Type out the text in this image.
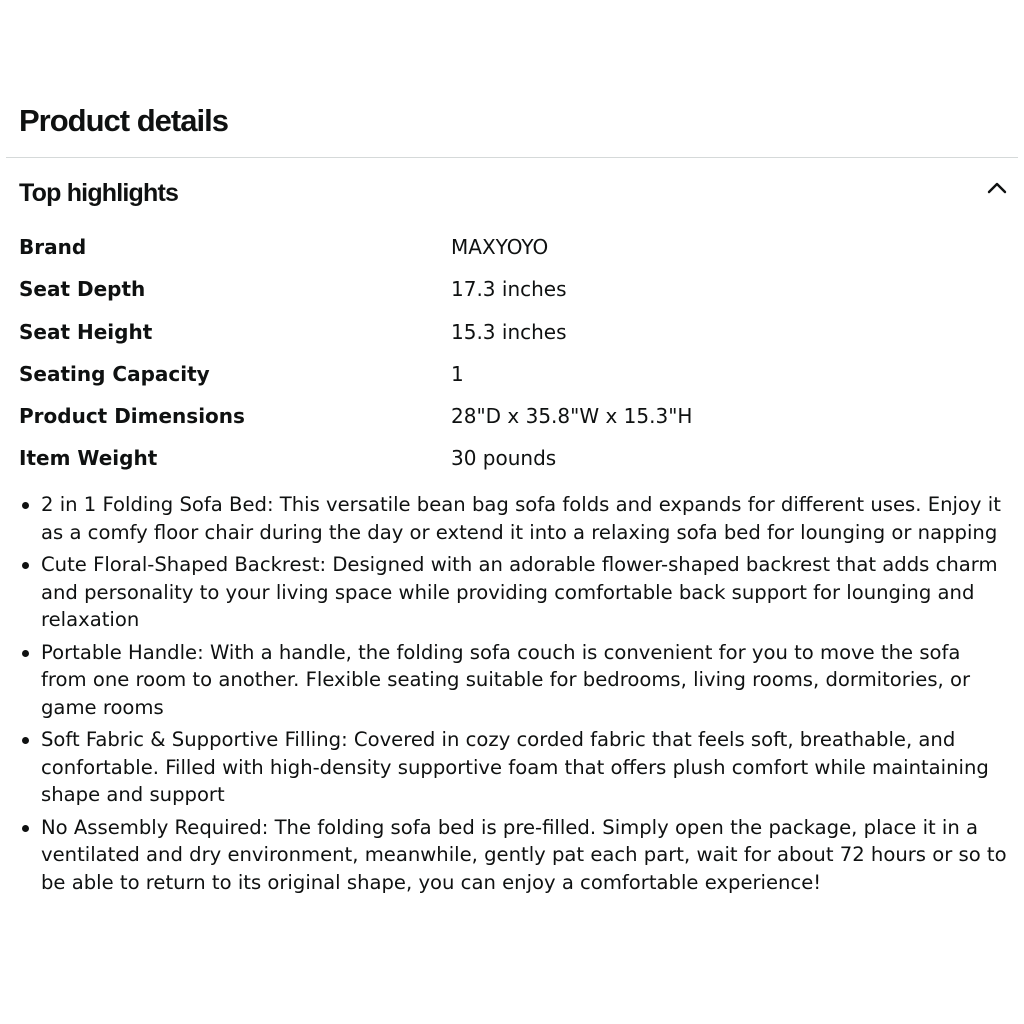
Product details
Top highlights
Brand	MAXYOYO
Seat Depth	17.3 inches
Seat Height	15.3 inches
Seating Capacity	1
Product Dimensions	28"D x 35.8"W x 15.3"H
Item Weight	30 pounds
2 in 1 Folding Sofa Bed: This versatile bean bag sofa folds and expands for different uses. Enjoy it as a comfy floor chair during the day or extend it into a relaxing sofa bed for lounging or napping
Cute Floral-Shaped Backrest: Designed with an adorable flower-shaped backrest that adds charm and personality to your living space while providing comfortable back support for lounging and relaxation
Portable Handle: With a handle, the folding sofa couch is convenient for you to move the sofa from one room to another. Flexible seating suitable for bedrooms, living rooms, dormitories, or game rooms
Soft Fabric & Supportive Filling: Covered in cozy corded fabric that feels soft, breathable, and confortable. Filled with high-density supportive foam that offers plush comfort while maintaining shape and support
No Assembly Required: The folding sofa bed is pre-filled. Simply open the package, place it in a ventilated and dry environment, meanwhile, gently pat each part, wait for about 72 hours or so to be able to return to its original shape, you can enjoy a comfortable experience!
